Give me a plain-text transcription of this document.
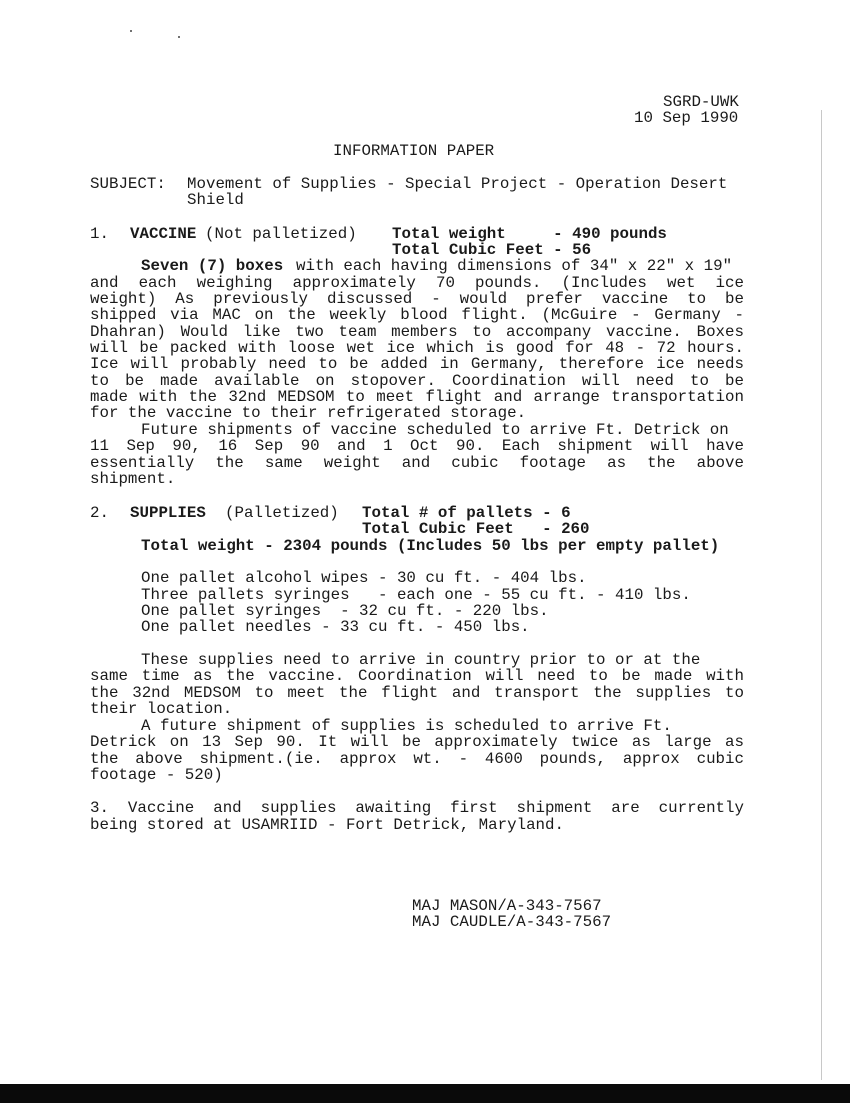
SGRD-UWK
10 Sep 1990
INFORMATION PAPER
SUBJECT: Movement of Supplies - Special Project - Operation Desert
Shield
1. VACCINE (Not palletized) Total weight     - 490 pounds
Total Cubic Feet - 56
Seven (7) boxes with each having dimensions of 34" x 22" x 19"
and each weighing approximately 70 pounds. (Includes wet ice
weight) As previously discussed - would prefer vaccine to be
shipped via MAC on the weekly blood flight. (McGuire - Germany -
Dhahran) Would like two team members to accompany vaccine. Boxes
will be packed with loose wet ice which is good for 48 - 72 hours.
Ice will probably need to be added in Germany, therefore ice needs
to be made available on stopover. Coordination will need to be
made with the 32nd MEDSOM to meet flight and arrange transportation
for the vaccine to their refrigerated storage.
Future shipments of vaccine scheduled to arrive Ft. Detrick on
11 Sep 90, 16 Sep 90 and 1 Oct 90. Each shipment will have
essentially the same weight and cubic footage as the above
shipment.
2. SUPPLIES (Palletized) Total # of pallets - 6
Total Cubic Feet   - 260
Total weight - 2304 pounds (Includes 50 lbs per empty pallet)
One pallet alcohol wipes - 30 cu ft. - 404 lbs.
Three pallets syringes   - each one - 55 cu ft. - 410 lbs.
One pallet syringes  - 32 cu ft. - 220 lbs.
One pallet needles - 33 cu ft. - 450 lbs.
These supplies need to arrive in country prior to or at the
same time as the vaccine. Coordination will need to be made with
the 32nd MEDSOM to meet the flight and transport the supplies to
their location.
A future shipment of supplies is scheduled to arrive Ft.
Detrick on 13 Sep 90. It will be approximately twice as large as
the above shipment.(ie. approx wt. - 4600 pounds, approx cubic
footage - 520)
3. Vaccine and supplies awaiting first shipment are currently
being stored at USAMRIID - Fort Detrick, Maryland.
MAJ MASON/A-343-7567
MAJ CAUDLE/A-343-7567
